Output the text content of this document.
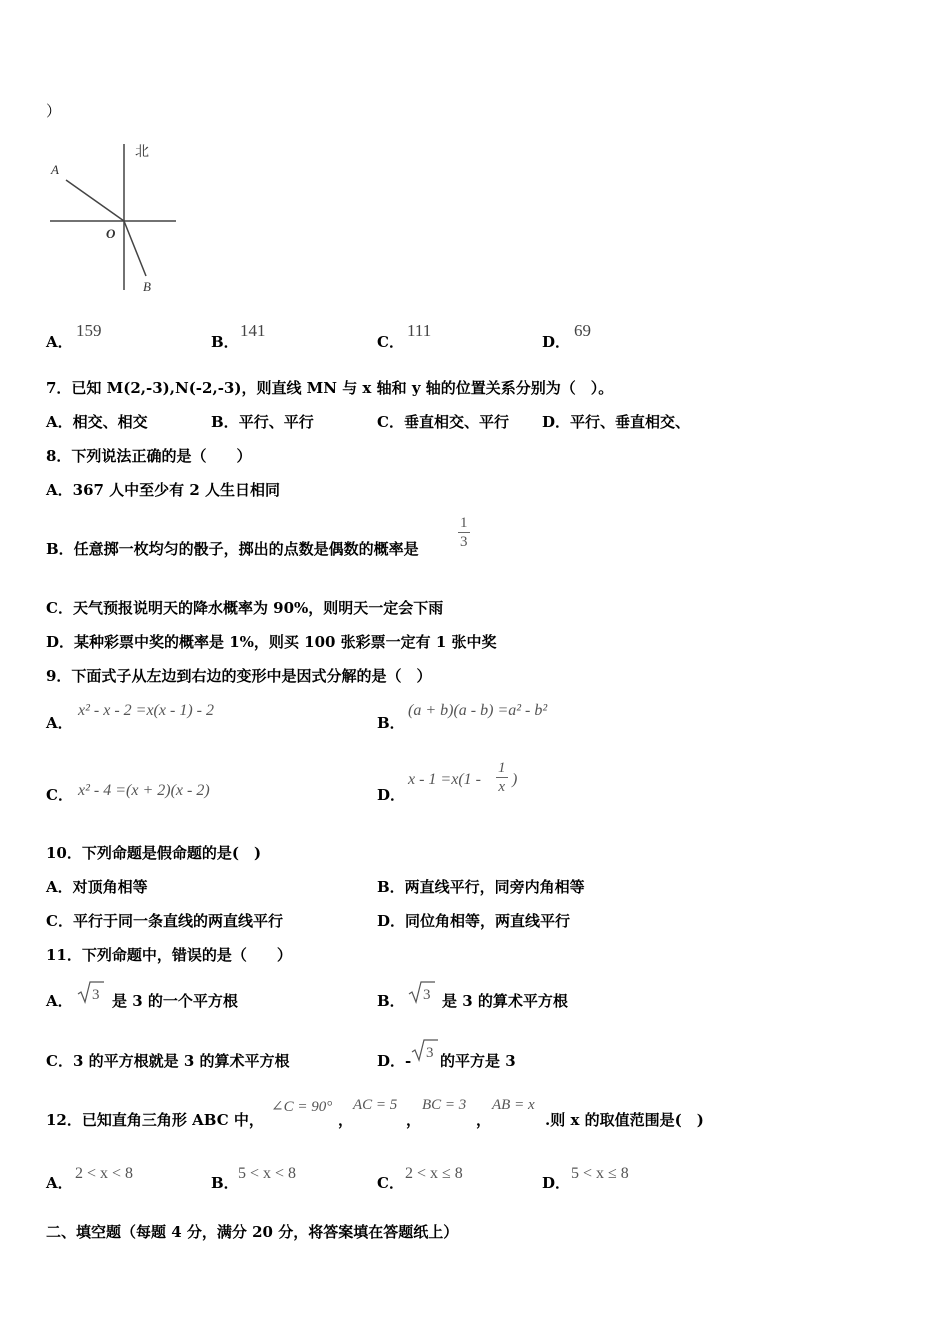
）
北
A
O
B
A．
159
B．
141
C．
111
D．
69
7．已知 M(2,-3),N(-2,-3)，则直线 MN 与 x 轴和 y 轴的位置关系分别为（　）。
A．相交、相交	B．平行、平行	C．垂直相交、平行 D．平行、垂直相交、
8．下列说法正确的是（　　）
A．367 人中至少有 2 人生日相同
B．任意掷一枚均匀的骰子，掷出的点数是偶数的概率是	$\frac{1}{3}$
C．天气预报说明天的降水概率为 90%，则明天一定会下雨
D．某种彩票中奖的概率是 1%，则买 100 张彩票一定有 1 张中奖
9．下面式子从左边到右边的变形中是因式分解的是（　）
A．
x² - x - 2 =x(x - 1) - 2
B．
(a + b)(a - b) =a² - b²
C． x² - 4 =(x + 2)(x - 2)	D．
$x - 1 =x(1 - \frac{1}{x}$ )
10．下列命题是假命题的是(　)
A．对顶角相等	B．两直线平行，同旁内角相等
C．平行于同一条直线的两直线平行	D．同位角相等，两直线平行
11．下列命题中，错误的是（　　）
A． 3 是 3 的一个平方根	B． 3 是 3 的算术平方根
C．3 的平方根就是 3 的算术平方根	D．- 3 的平方是 3
12．已知直角三角形 ABC 中，
∠C = 90°
，
AC = 5
，
BC = 3
，
AB = x
.则 x 的取值范围是(　)
A．
2 < x < 8
B．
5 < x < 8
C．
2 < x ≤ 8
D．
5 < x ≤ 8
二、填空题（每题 4 分，满分 20 分，将答案填在答题纸上）
